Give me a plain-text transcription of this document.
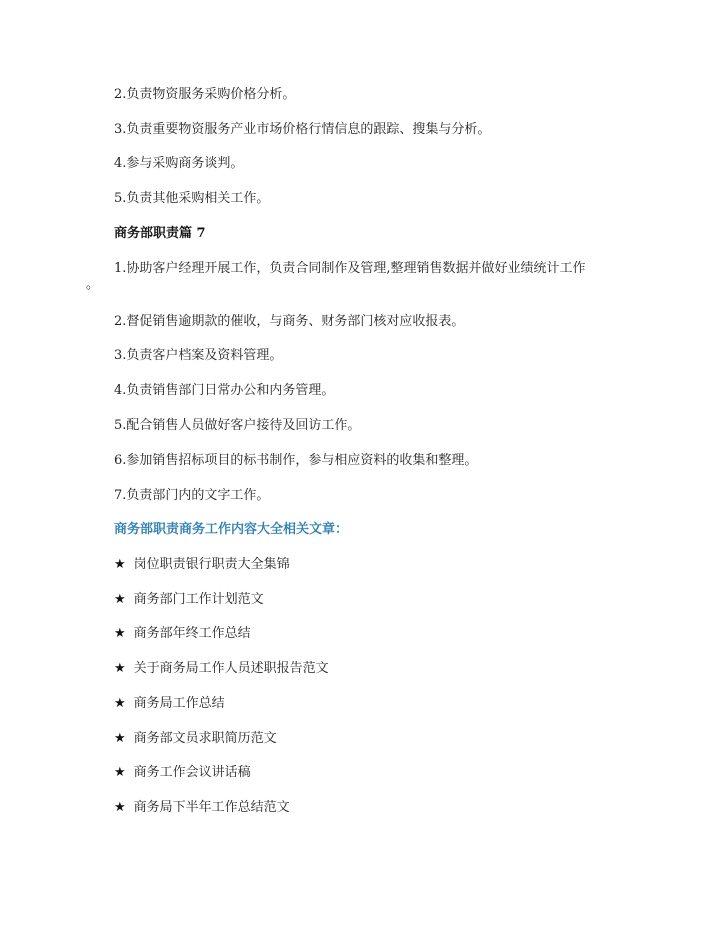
2.负责物资服务采购价格分析。
3.负责重要物资服务产业市场价格行情信息的跟踪、搜集与分析。
4.参与采购商务谈判。
5.负责其他采购相关工作。
商务部职责篇 7
1.协助客户经理开展工作，负责合同制作及管理,整理销售数据并做好业绩统计工作
。
2.督促销售逾期款的催收，与商务、财务部门核对应收报表。
3.负责客户档案及资料管理。
4.负责销售部门日常办公和内务管理。
5.配合销售人员做好客户接待及回访工作。
6.参加销售招标项目的标书制作，参与相应资料的收集和整理。
7.负责部门内的文字工作。
商务部职责商务工作内容大全相关文章：
★ 岗位职责银行职责大全集锦
★ 商务部门工作计划范文
★ 商务部年终工作总结
★ 关于商务局工作人员述职报告范文
★ 商务局工作总结
★ 商务部文员求职简历范文
★ 商务工作会议讲话稿
★ 商务局下半年工作总结范文
